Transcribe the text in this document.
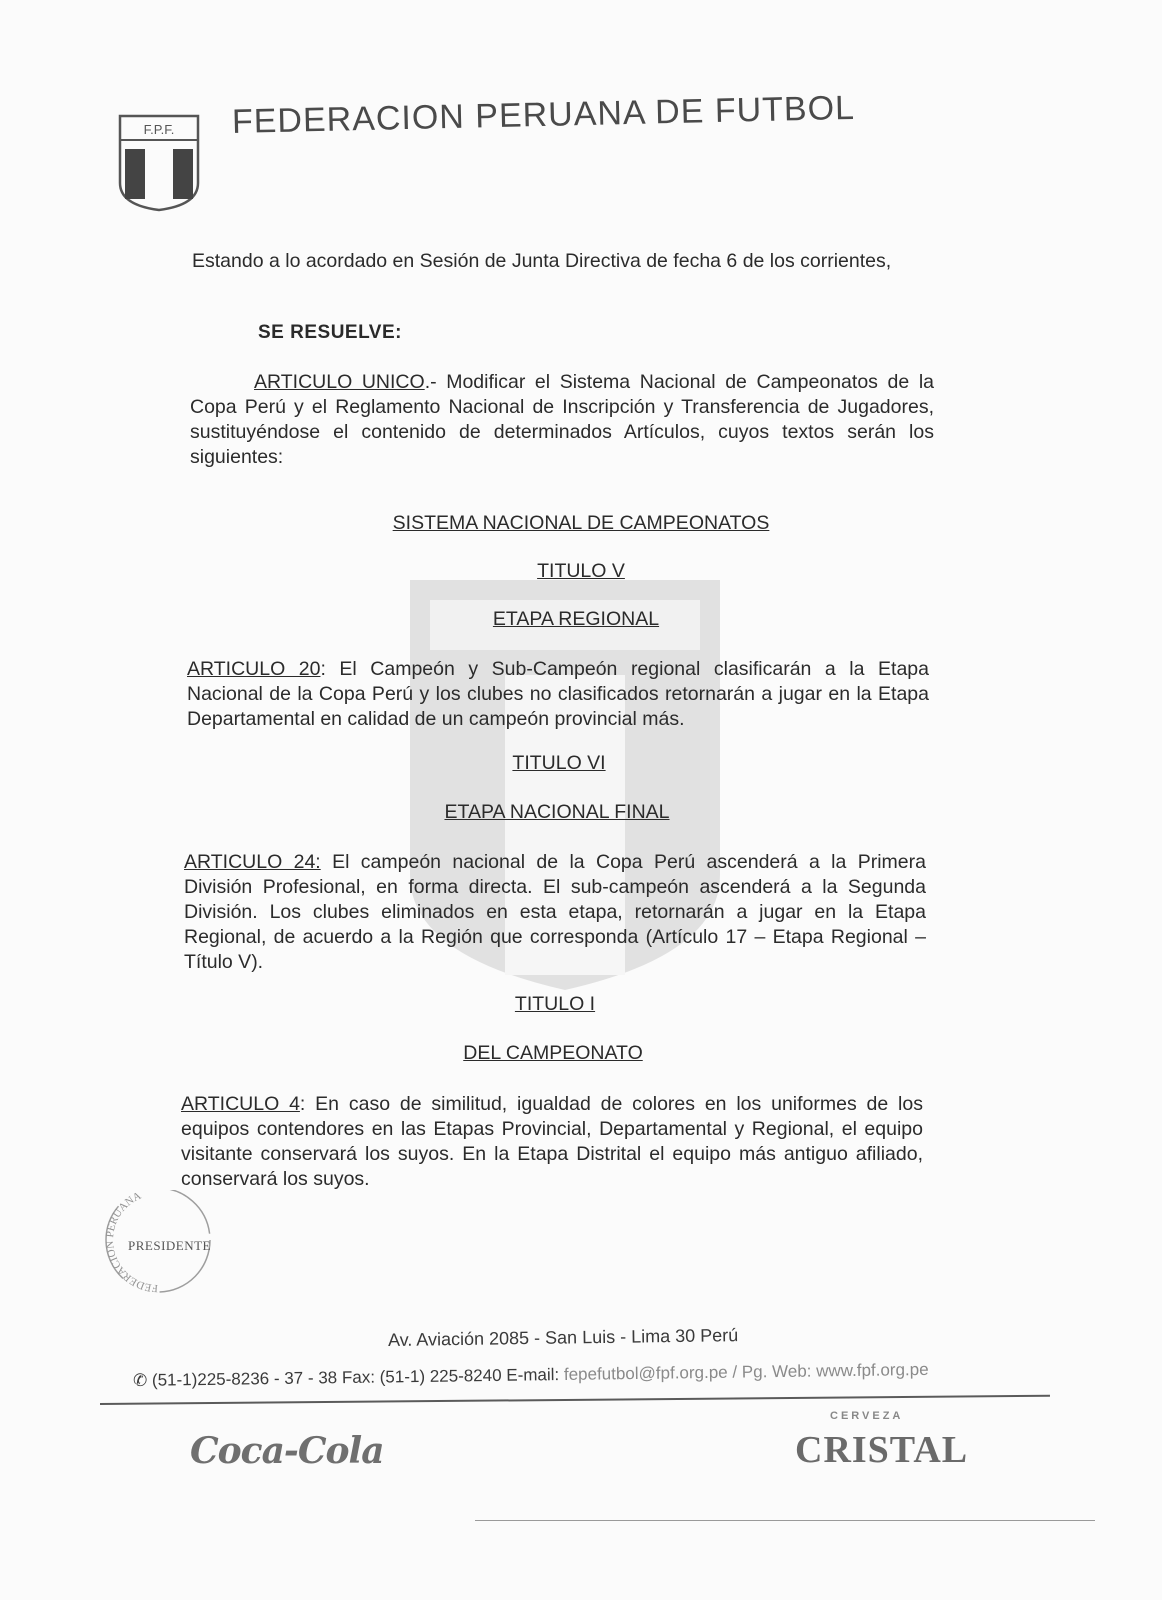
F.P.F. FEDERACION PERUANA DE FUTBOL
Estando a lo acordado en Sesión de Junta Directiva de fecha 6 de los corrientes,
SE RESUELVE:
ARTICULO UNICO.- Modificar el Sistema Nacional de Campeonatos de la Copa Perú y el Reglamento Nacional de Inscripción y Transferencia de Jugadores, sustituyéndose el contenido de determinados Artículos, cuyos textos serán los siguientes:
SISTEMA NACIONAL DE CAMPEONATOS
TITULO V
ETAPA REGIONAL
ARTICULO 20: El Campeón y Sub-Campeón regional clasificarán a la Etapa Nacional de la Copa Perú y los clubes no clasificados retornarán a jugar en la Etapa Departamental en calidad de un campeón provincial más.
TITULO VI
ETAPA NACIONAL FINAL
ARTICULO 24: El campeón nacional de la Copa Perú ascenderá a la Primera División Profesional, en forma directa. El sub-campeón ascenderá a la Segunda División. Los clubes eliminados en esta etapa, retornarán a jugar en la Etapa Regional, de acuerdo a la Región que corresponda (Artículo 17 – Etapa Regional – Título V).
TITULO I
DEL CAMPEONATO
ARTICULO 4: En caso de similitud, igualdad de colores en los uniformes de los equipos contendores en las Etapas Provincial, Departamental y Regional, el equipo visitante conservará los suyos. En la Etapa Distrital el equipo más antiguo afiliado, conservará los suyos.
FEDERACION PERUANA
PRESIDENTE
Av. Aviación 2085 - San Luis - Lima 30 Perú
✆ (51-1)225-8236 - 37 - 38 Fax: (51-1) 225-8240 E-mail: fepefutbol@fpf.org.pe / Pg. Web: www.fpf.org.pe
Coca-Cola
CERVEZA
CRISTAL
